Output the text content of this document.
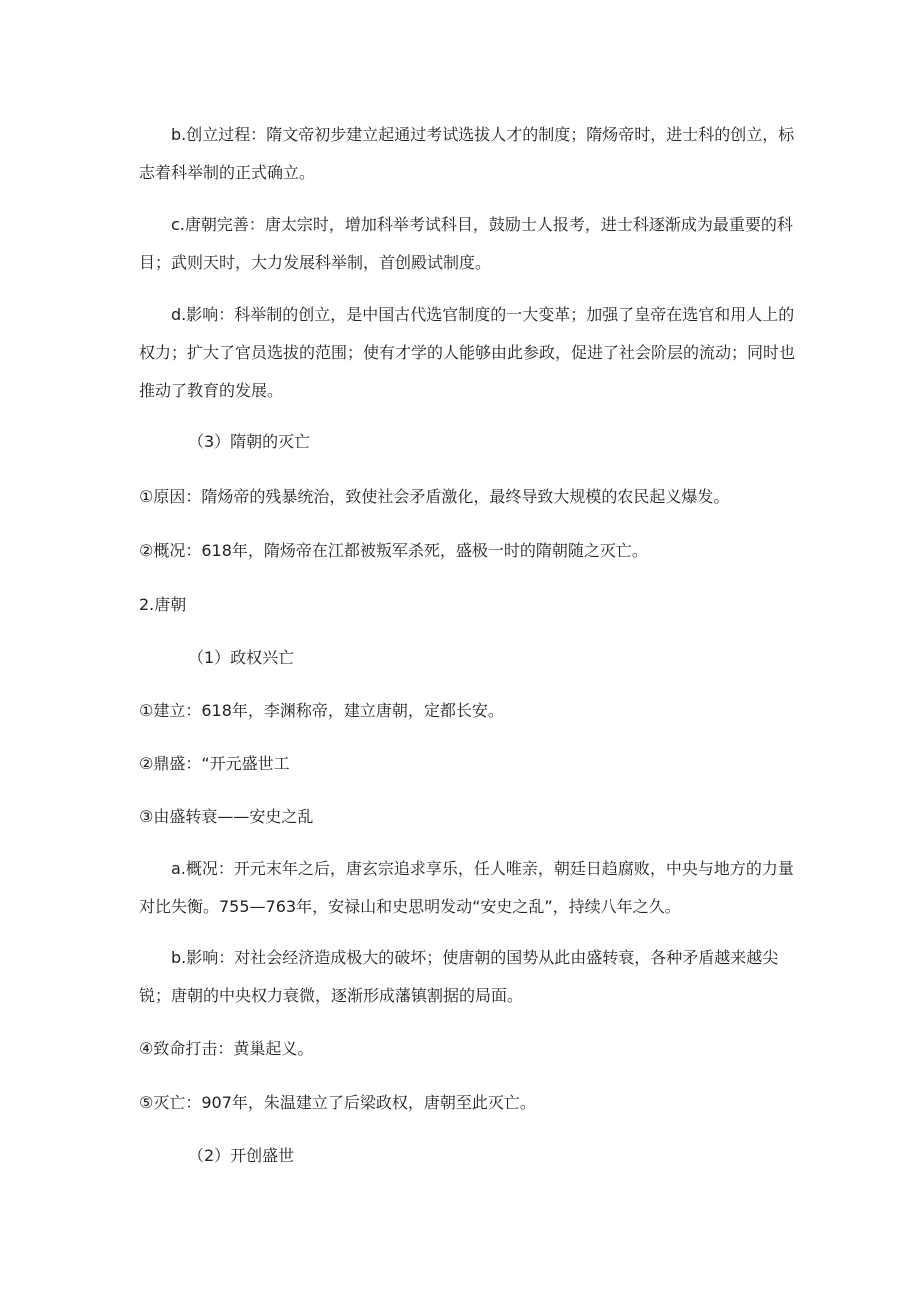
b.创立过程：隋文帝初步建立起通过考试选拔人才的制度；隋炀帝时，进士科的创立，标志着科举制的正式确立。

c.唐朝完善：唐太宗时，增加科举考试科目，鼓励士人报考，进士科逐渐成为最重要的科目；武则天时，大力发展科举制，首创殿试制度。

d.影响：科举制的创立，是中国古代选官制度的一大变革；加强了皇帝在选官和用人上的权力；扩大了官员选拔的范围；使有才学的人能够由此参政，促进了社会阶层的流动；同时也推动了教育的发展。

（3）隋朝的灭亡

①原因：隋炀帝的残暴统治，致使社会矛盾激化，最终导致大规模的农民起义爆发。

②概况：618年，隋炀帝在江都被叛军杀死，盛极一时的隋朝随之灭亡。

2.唐朝

（1）政权兴亡

①建立：618年，李渊称帝，建立唐朝，定都长安。

②鼎盛：“开元盛世工

③由盛转衰——安史之乱

a.概况：开元末年之后，唐玄宗追求享乐，任人唯亲，朝廷日趋腐败，中央与地方的力量对比失衡。755—763年，安禄山和史思明发动“安史之乱”，持续八年之久。

b.影响：对社会经济造成极大的破坏；使唐朝的国势从此由盛转衰，各种矛盾越来越尖锐；唐朝的中央权力衰微，逐渐形成藩镇割据的局面。

④致命打击：黄巢起义。

⑤灭亡：907年，朱温建立了后梁政权，唐朝至此灭亡。

（2）开创盛世
